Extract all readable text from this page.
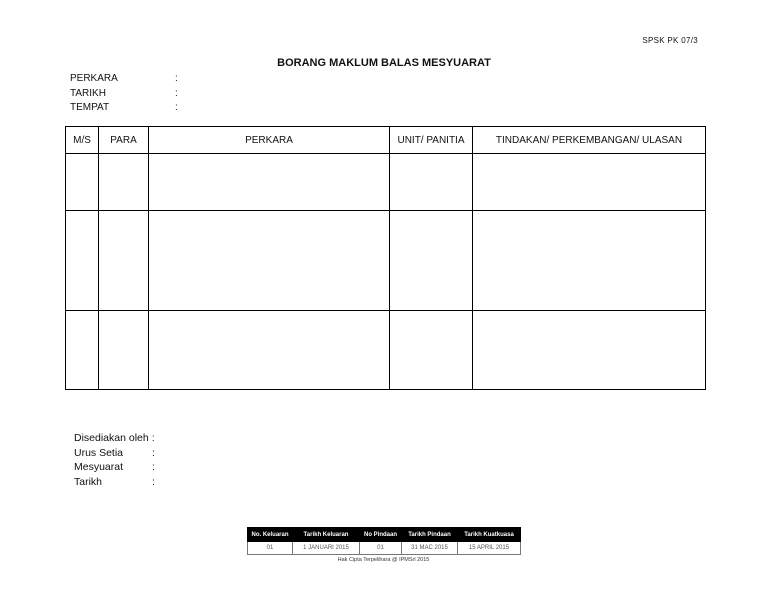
SPSK PK 07/3
BORANG MAKLUM BALAS MESYUARAT
PERKARA	:
TARIKH	:
TEMPAT	:
M/S	PARA	PERKARA	UNIT/ PANITIA	TINDAKAN/ PERKEMBANGAN/ ULASAN

Disediakan oleh :
Urus Setia	:
Mesyuarat	:
Tarikh	:
No. Keluaran	Tarikh Keluaran	No Pindaan	Tarikh Pindaan	Tarikh Kuatkuasa
01	1 JANUARI 2015	01	31 MAC 2015	15 APRIL 2015
Hak Cipta Terpelihara @ IPMSrl 2015
